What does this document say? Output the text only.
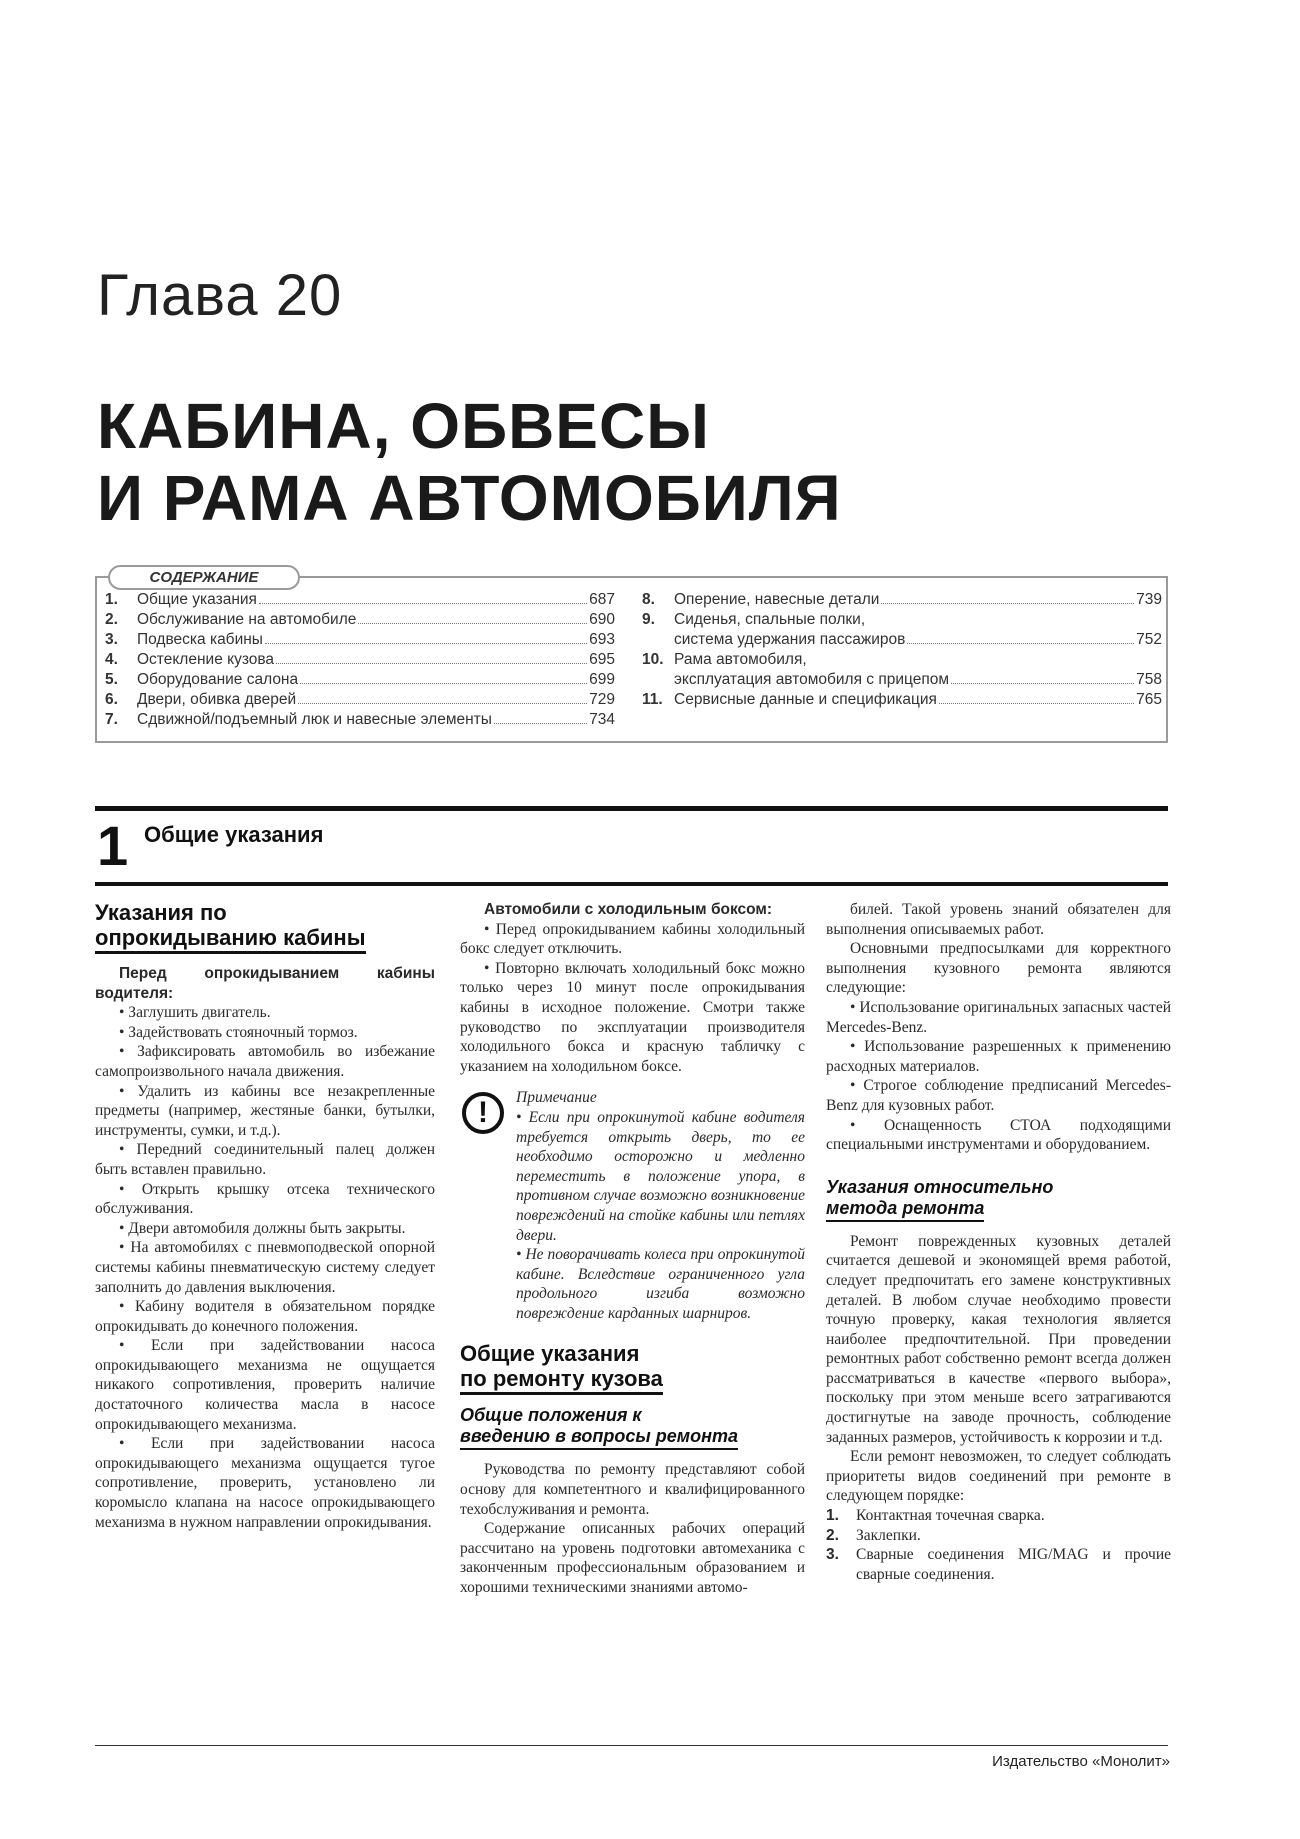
Глава 20
КАБИНА, ОБВЕСЫ
И РАМА АВТОМОБИЛЯ
СОДЕРЖАНИЕ
1.	Общие указания	687
2.	Обслуживание на автомобиле	690
3.	Подвеска кабины	693
4.	Остекление кузова	695
5.	Оборудование салона	699
6.	Двери, обивка дверей	729
7.	Сдвижной/подъемный люк и навесные элементы	734
8.	Оперение, навесные детали	739
9.	Сиденья, спальные полки,
система удержания пассажиров	752
10. Рама автомобиля,
эксплуатация автомобиля с прицепом	758
11. Сервисные данные и спецификация	765
1 Общие указания
Указания по
опрокидыванию кабины

Перед опрокидыванием кабины водителя:

• Заглушить двигатель.

• Задействовать стояночный тормоз.

• Зафиксировать автомобиль во избежание самопроизвольного начала движения.

• Удалить из кабины все незакрепленные предметы (например, жестяные банки, бутылки, инструменты, сумки, и т.д.).

• Передний соединительный палец должен быть вставлен правильно.

• Открыть крышку отсека технического обслуживания.

• Двери автомобиля должны быть закрыты.

• На автомобилях с пневмоподвеской опорной системы кабины пневматическую систему следует заполнить до давления выключения.

• Кабину водителя в обязательном порядке опрокидывать до конечного положения.

• Если при задействовании насоса опрокидывающего механизма не ощущается никакого сопротивления, проверить наличие достаточного количества масла в насосе опрокидывающего механизма.

• Если при задействовании насоса опрокидывающего механизма ощущается тугое сопротивление, проверить, установлено ли коромысло клапана на насосе опрокидывающего механизма в нужном направлении опрокидывания.

Автомобили с холодильным боксом:

• Перед опрокидыванием кабины холодильный бокс следует отключить.

• Повторно включать холодильный бокс можно только через 10 минут после опрокидывания кабины в исходное положение. Смотри также руководство по эксплуатации производителя холодильного бокса и красную табличку с указанием на холодильном боксе.

!	Примечание

• Если при опрокинутой кабине водителя требуется открыть дверь, то ее необходимо осторожно и медленно переместить в положение упора, в противном случае возможно возникновение повреждений на стойке кабины или петлях двери.

• Не поворачивать колеса при опрокинутой кабине. Вследствие ограниченного угла продольного изгиба возможно повреждение карданных шарниров.

Общие указания
по ремонту кузова
Общие положения к
введению в вопросы ремонта

Руководства по ремонту представляют собой основу для компетентного и квалифицированного техобслуживания и ремонта.

Содержание описанных рабочих операций рассчитано на уровень подготовки автомеханика с законченным профессиональным образованием и хорошими техническими знаниями автомо-

билей. Такой уровень знаний обязателен для выполнения описываемых работ.

Основными предпосылками для корректного выполнения кузовного ремонта являются следующие:

• Использование оригинальных запасных частей Mercedes-Benz.

• Использование разрешенных к применению расходных материалов.

• Строгое соблюдение предписаний Mercedes-Benz для кузовных работ.

• Оснащенность СТОА подходящими специальными инструментами и оборудованием.

Указания относительно
метода ремонта

Ремонт поврежденных кузовных деталей считается дешевой и экономящей время работой, следует предпочитать его замене конструктивных деталей. В любом случае необходимо провести точную проверку, какая технология является наиболее предпочтительной. При проведении ремонтных работ собственно ремонт всегда должен рассматриваться в качестве «первого выбора», поскольку при этом меньше всего затрагиваются достигнутые на заводе прочность, соблюдение заданных размеров, устойчивость к коррозии и т.д.

Если ремонт невозможен, то следует соблюдать приоритеты видов соединений при ремонте в следующем порядке:

1.	Контактная точечная сварка.
2.	Заклепки.
3.	Сварные соединения MIG/MAG и прочие сварные соединения.
Издательство «Монолит»
